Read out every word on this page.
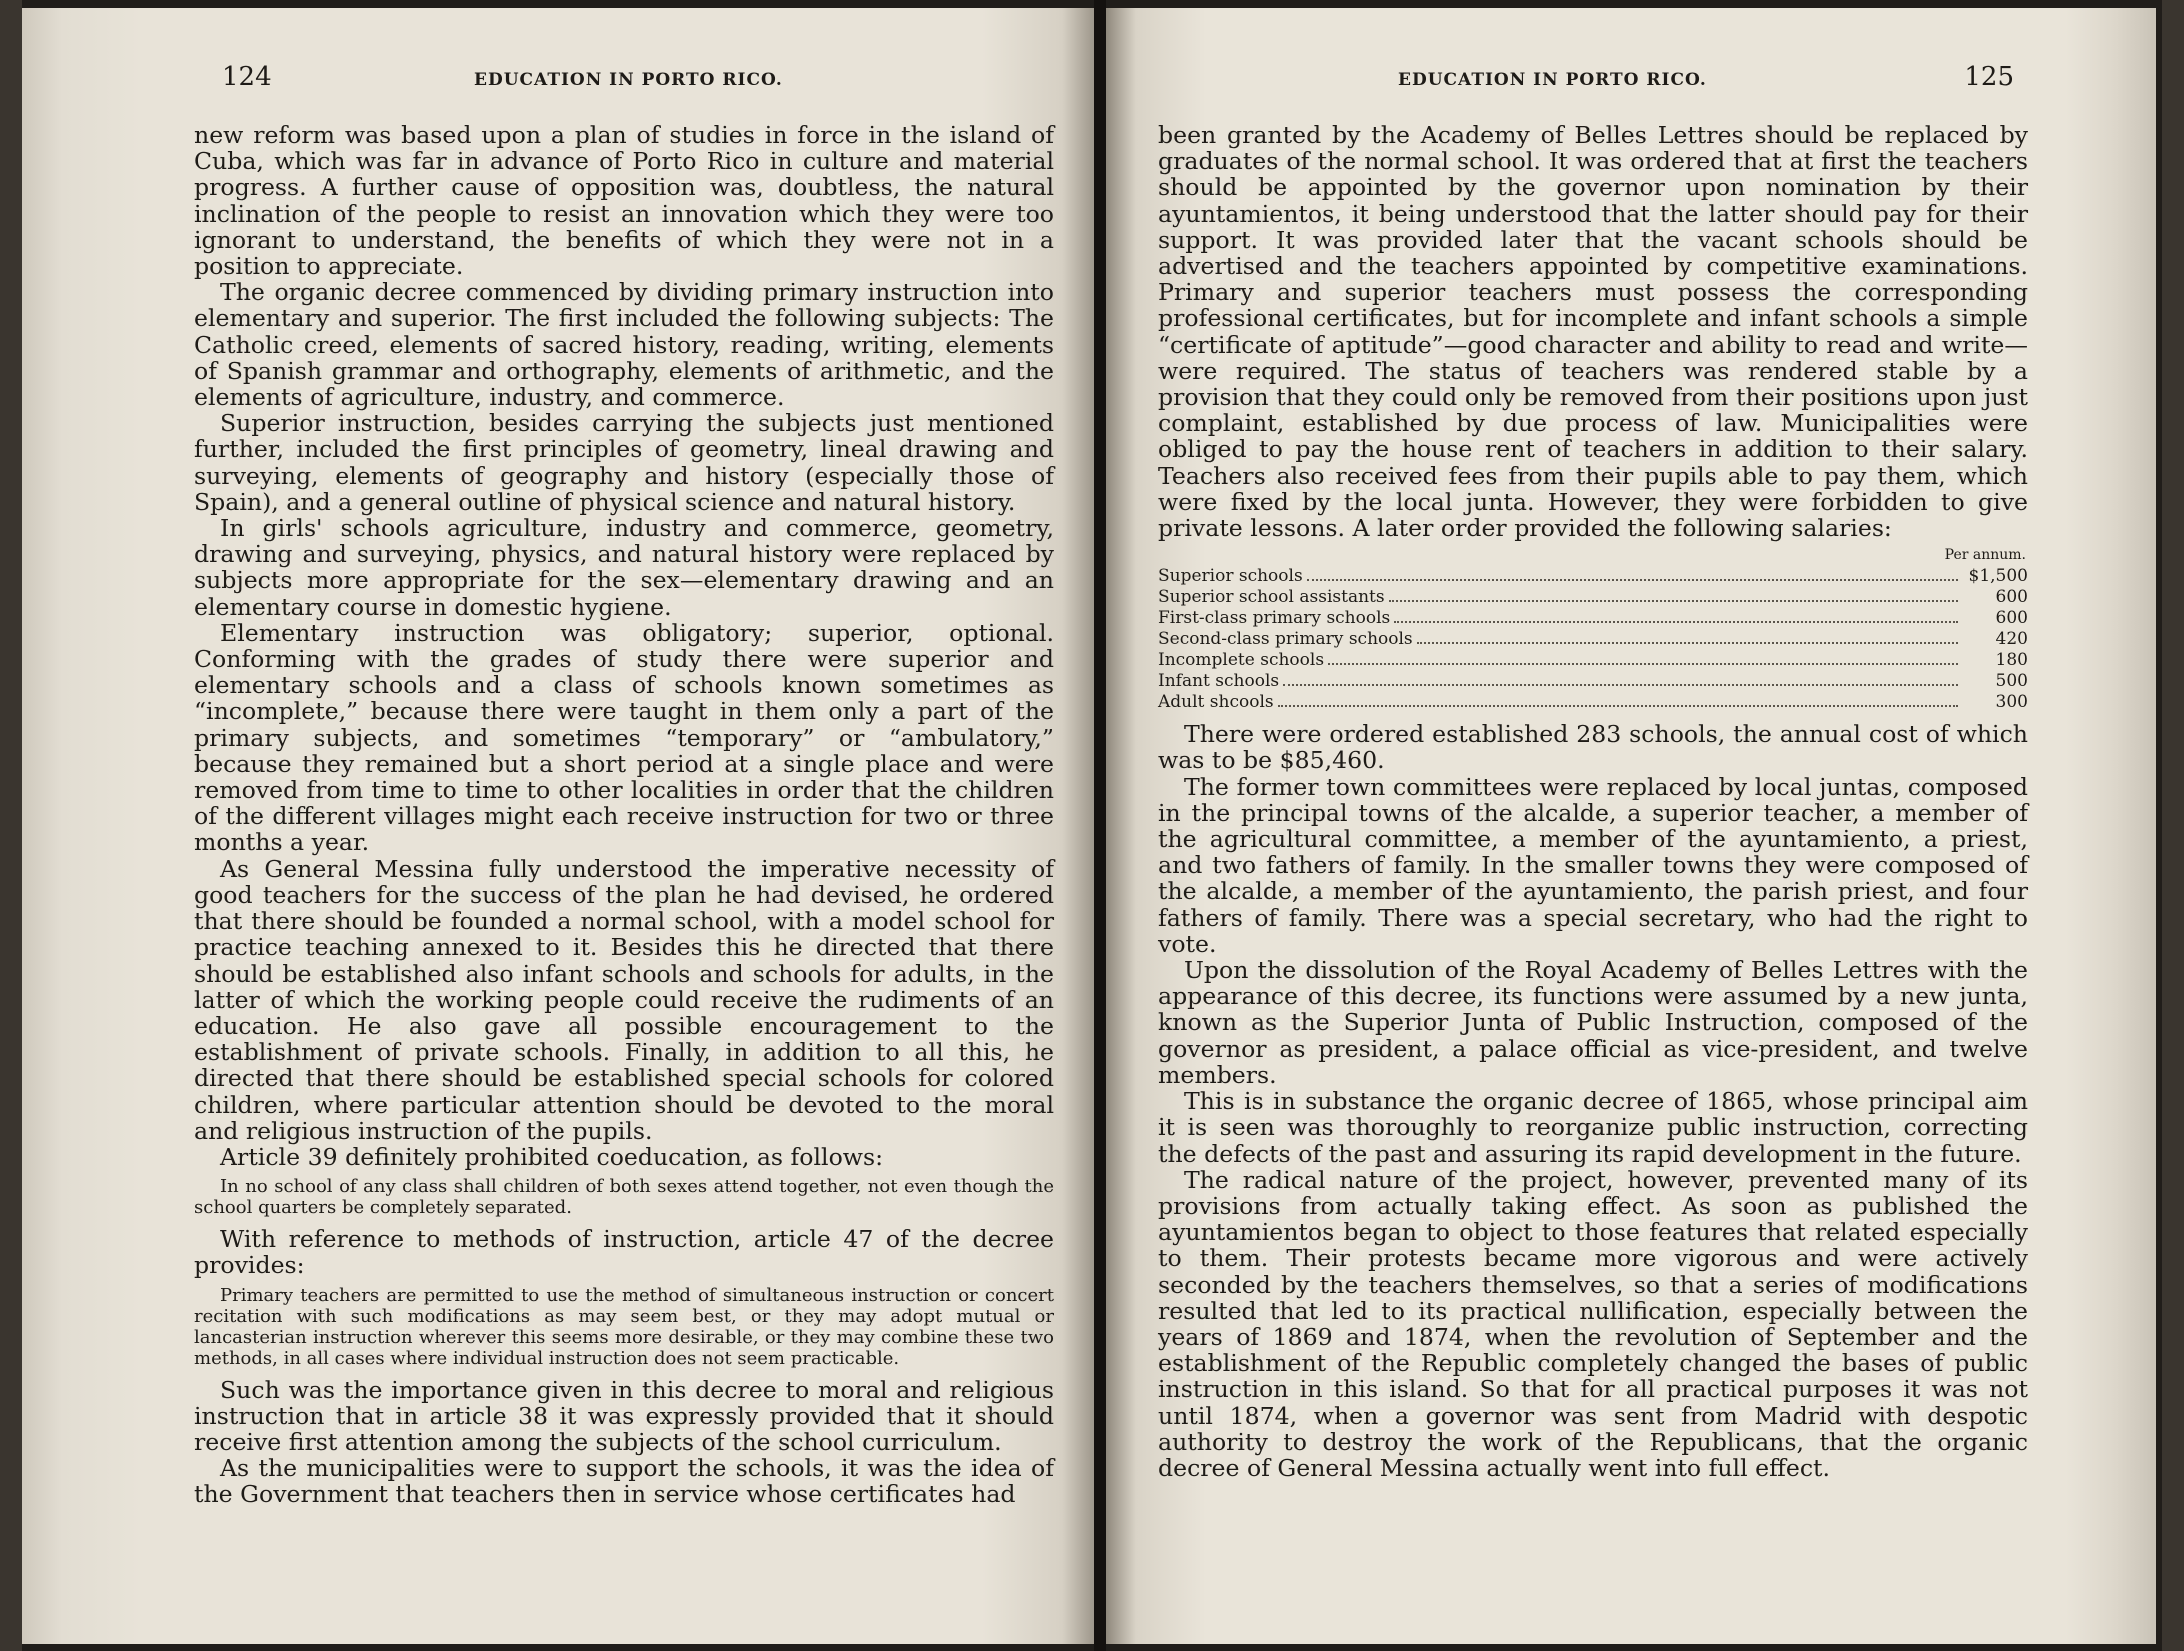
124	EDUCATION IN PORTO RICO.

new reform was based upon a plan of studies in force in the island of Cuba, which was far in advance of Porto Rico in culture and material progress. A further cause of opposition was, doubtless, the natural inclination of the people to resist an innovation which they were too ignorant to understand, the benefits of which they were not in a position to appreciate.

The organic decree commenced by dividing primary instruction into elementary and superior. The first included the following subjects: The Catholic creed, elements of sacred history, reading, writing, elements of Spanish grammar and orthography, elements of arithmetic, and the elements of agriculture, industry, and commerce.

Superior instruction, besides carrying the subjects just mentioned further, included the first principles of geometry, lineal drawing and surveying, elements of geography and history (especially those of Spain), and a general outline of physical science and natural history.

In girls' schools agriculture, industry and commerce, geometry, drawing and surveying, physics, and natural history were replaced by subjects more appropriate for the sex—elementary drawing and an elementary course in domestic hygiene.

Elementary instruction was obligatory; superior, optional. Conforming with the grades of study there were superior and elementary schools and a class of schools known sometimes as “incomplete,” because there were taught in them only a part of the primary subjects, and sometimes “temporary” or “ambulatory,” because they remained but a short period at a single place and were removed from time to time to other localities in order that the children of the different villages might each receive instruction for two or three months a year.

As General Messina fully understood the imperative necessity of good teachers for the success of the plan he had devised, he ordered that there should be founded a normal school, with a model school for practice teaching annexed to it. Besides this he directed that there should be established also infant schools and schools for adults, in the latter of which the working people could receive the rudiments of an education. He also gave all possible encouragement to the establishment of private schools. Finally, in addition to all this, he directed that there should be established special schools for colored children, where particular attention should be devoted to the moral and religious instruction of the pupils.

Article 39 definitely prohibited coeducation, as follows:

In no school of any class shall children of both sexes attend together, not even though the school quarters be completely separated.

With reference to methods of instruction, article 47 of the decree provides:

Primary teachers are permitted to use the method of simultaneous instruction or concert recitation with such modifications as may seem best, or they may adopt mutual or lancasterian instruction wherever this seems more desirable, or they may combine these two methods, in all cases where individual instruction does not seem practicable.

Such was the importance given in this decree to moral and religious instruction that in article 38 it was expressly provided that it should receive first attention among the subjects of the school curriculum.

As the municipalities were to support the schools, it was the idea of the Government that teachers then in service whose certificates had

EDUCATION IN PORTO RICO.	125

been granted by the Academy of Belles Lettres should be replaced by graduates of the normal school. It was ordered that at first the teachers should be appointed by the governor upon nomination by their ayuntamientos, it being understood that the latter should pay for their support. It was provided later that the vacant schools should be advertised and the teachers appointed by competitive examinations. Primary and superior teachers must possess the corresponding professional certificates, but for incomplete and infant schools a simple “certificate of aptitude”—good character and ability to read and write—were required. The status of teachers was rendered stable by a provision that they could only be removed from their positions upon just complaint, established by due process of law. Municipalities were obliged to pay the house rent of teachers in addition to their salary. Teachers also received fees from their pupils able to pay them, which were fixed by the local junta. However, they were forbidden to give private lessons. A later order provided the following salaries:

Per annum.
Superior schools	$1,500
Superior school assistants	600
First-class primary schools	600
Second-class primary schools	420
Incomplete schools	180
Infant schools	500
Adult shcools	300

There were ordered established 283 schools, the annual cost of which was to be $85,460.

The former town committees were replaced by local juntas, composed in the principal towns of the alcalde, a superior teacher, a member of the agricultural committee, a member of the ayuntamiento, a priest, and two fathers of family. In the smaller towns they were composed of the alcalde, a member of the ayuntamiento, the parish priest, and four fathers of family. There was a special secretary, who had the right to vote.

Upon the dissolution of the Royal Academy of Belles Lettres with the appearance of this decree, its functions were assumed by a new junta, known as the Superior Junta of Public Instruction, composed of the governor as president, a palace official as vice-president, and twelve members.

This is in substance the organic decree of 1865, whose principal aim it is seen was thoroughly to reorganize public instruction, correcting the defects of the past and assuring its rapid development in the future.

The radical nature of the project, however, prevented many of its provisions from actually taking effect. As soon as published the ayuntamientos began to object to those features that related especially to them. Their protests became more vigorous and were actively seconded by the teachers themselves, so that a series of modifications resulted that led to its practical nullification, especially between the years of 1869 and 1874, when the revolution of September and the establishment of the Republic completely changed the bases of public instruction in this island. So that for all practical purposes it was not until 1874, when a governor was sent from Madrid with despotic authority to destroy the work of the Republicans, that the organic decree of General Messina actually went into full effect.
